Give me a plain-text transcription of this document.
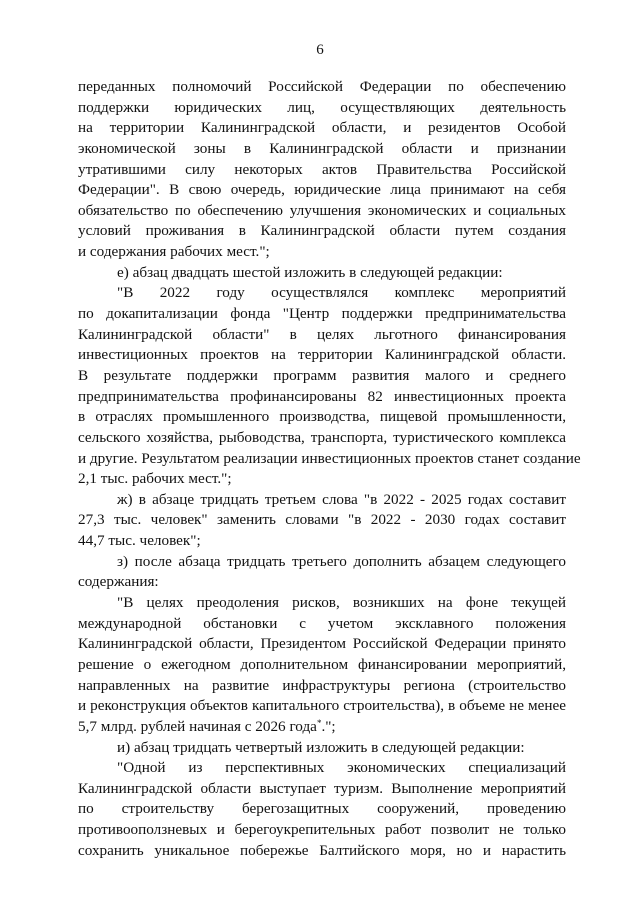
6
переданных полномочий Российской Федерации по обеспечению
поддержки юридических лиц, осуществляющих деятельность
на территории Калининградской области, и резидентов Особой
экономической зоны в Калининградской области и признании
утратившими силу некоторых актов Правительства Российской
Федерации". В свою очередь, юридические лица принимают на себя
обязательство по обеспечению улучшения экономических и социальных
условий проживания в Калининградской области путем создания
и содержания рабочих мест.";
е) абзац двадцать шестой изложить в следующей редакции:
"В 2022 году осуществлялся комплекс мероприятий
по докапитализации фонда "Центр поддержки предпринимательства
Калининградской области" в целях льготного финансирования
инвестиционных проектов на территории Калининградской области.
В результате поддержки программ развития малого и среднего
предпринимательства профинансированы 82 инвестиционных проекта
в отраслях промышленного производства, пищевой промышленности,
сельского хозяйства, рыбоводства, транспорта, туристического комплекса
и другие. Результатом реализации инвестиционных проектов станет создание
2,1 тыс. рабочих мест.";
ж) в абзаце тридцать третьем слова "в 2022 - 2025 годах составит
27,3 тыс. человек" заменить словами "в 2022 - 2030 годах составит
44,7 тыс. человек";
з) после абзаца тридцать третьего дополнить абзацем следующего
содержания:
"В целях преодоления рисков, возникших на фоне текущей
международной обстановки с учетом эксклавного положения
Калининградской области, Президентом Российской Федерации принято
решение о ежегодном дополнительном финансировании мероприятий,
направленных на развитие инфраструктуры региона (строительство
и реконструкция объектов капитального строительства), в объеме не менее
5,7 млрд. рублей начиная с 2026 года*.";
и) абзац тридцать четвертый изложить в следующей редакции:
"Одной из перспективных экономических специализаций
Калининградской области выступает туризм. Выполнение мероприятий
по строительству берегозащитных сооружений, проведению
противооползневых и берегоукрепительных работ позволит не только
сохранить уникальное побережье Балтийского моря, но и нарастить
